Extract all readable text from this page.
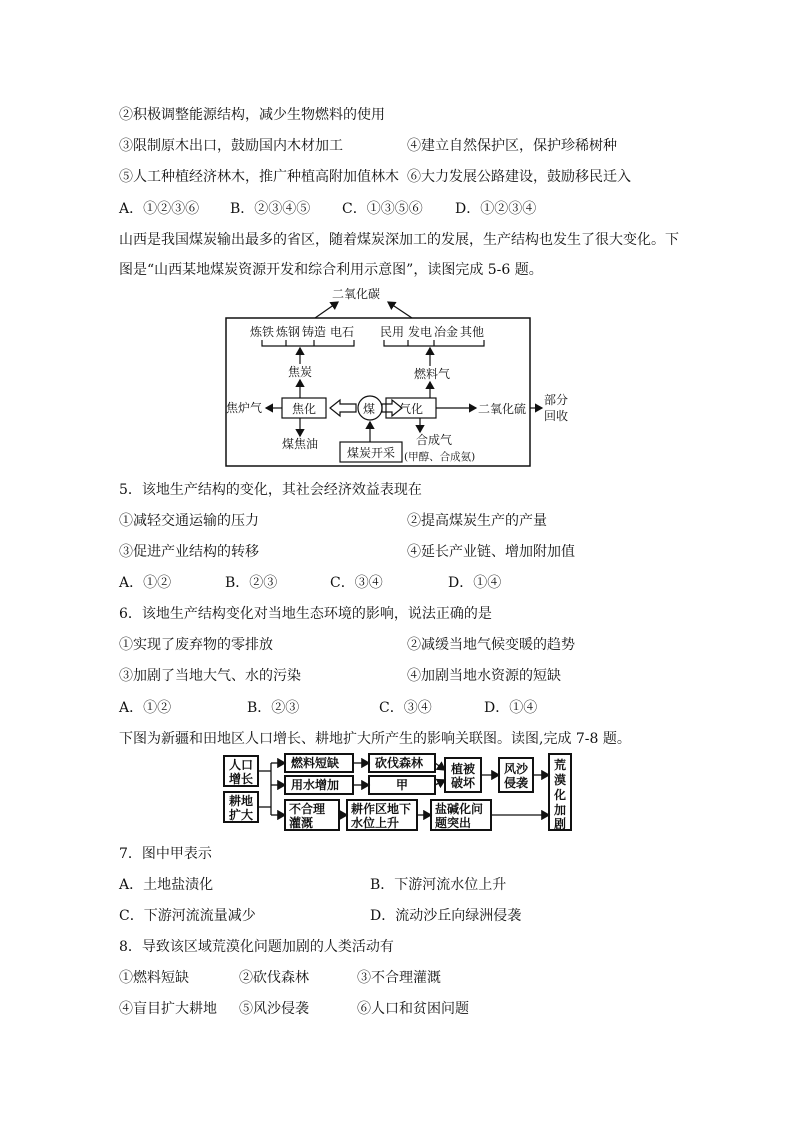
②积极调整能源结构，减少生物燃料的使用
③限制原木出口，鼓励国内木材加工	④建立自然保护区，保护珍稀树种
⑤人工种植经济林木，推广种植高附加值林木 ⑥大力发展公路建设，鼓励移民迁入
A．①②③⑥ B．②③④⑤ C．①③⑤⑥ D．①②③④
山西是我国煤炭输出最多的省区，随着煤炭深加工的发展，生产结构也发生了很大变化。下
图是“山西某地煤炭资源开发和综合利用示意图”，读图完成 5-6 题。
二氧化碳
炼铁 炼钢 铸造 电石 民用 发电 冶金 其他
焦炭	燃料气
焦炉气 焦化	煤 气化	二氧化硫
部分
回收
煤焦油
煤炭开采
合成气
(甲醇、合成氨)
5．该地生产结构的变化，其社会经济效益表现在
①减轻交通运输的压力	②提高煤炭生产的产量
③促进产业结构的转移	④延长产业链、增加附加值
A．①②	B．②③	C．③④	D．①④
6．该地生产结构变化对当地生态环境的影响，说法正确的是
①实现了废弃物的零排放	②减缓当地气候变暖的趋势
③加剧了当地大气、水的污染	④加剧当地水资源的短缺
A．①②	B．②③	C．③④	D．①④
下图为新疆和田地区人口增长、耕地扩大所产生的影响关联图。读图,完成 7-8 题。
人口
增长
耕地
扩大
燃料短缺
用水增加
砍伐森林
甲
植被
破坏
风沙
侵袭
不合理
灌溉
耕作区地下
水位上升
盐碱化问
题突出
荒
漠
化
加
剧
7．图中甲表示
A．土地盐渍化	B．下游河流水位上升
C．下游河流流量减少	D．流动沙丘向绿洲侵袭
8．导致该区域荒漠化问题加剧的人类活动有
①燃料短缺	②砍伐森林	③不合理灌溉
④盲目扩大耕地 ⑤风沙侵袭	⑥人口和贫困问题
